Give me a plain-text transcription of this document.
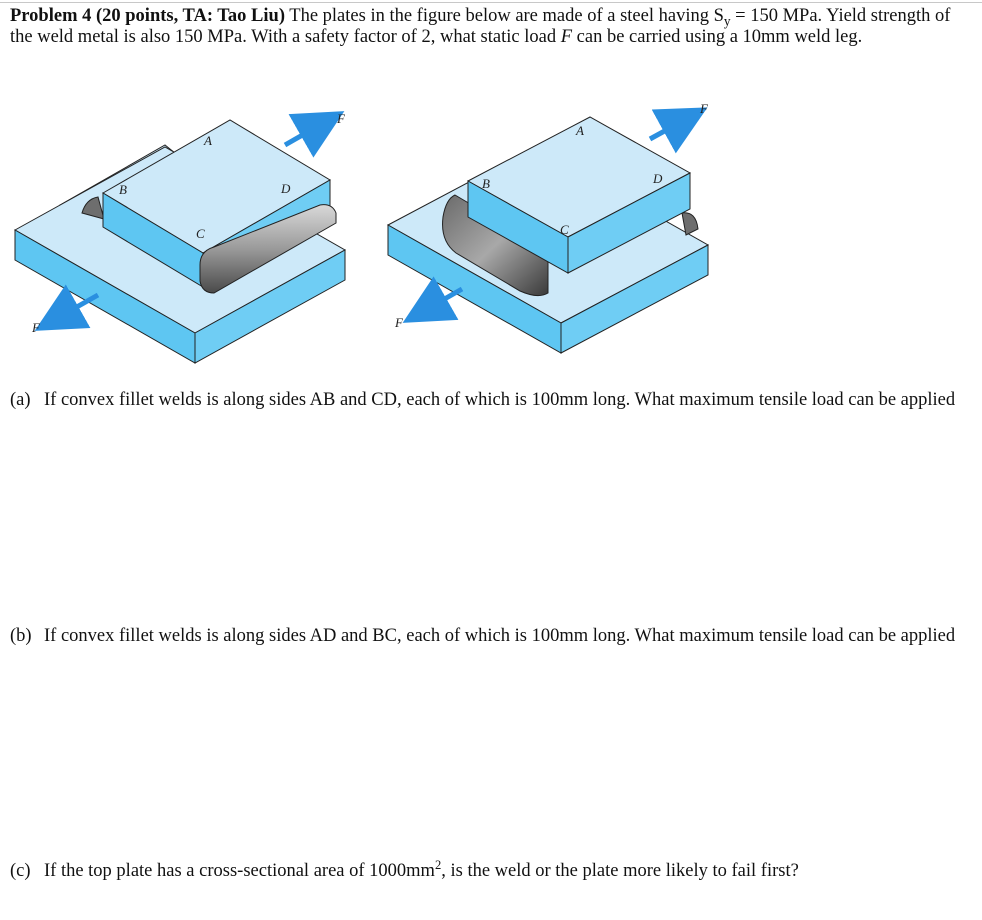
Problem 4 (20 points, TA: Tao Liu) The plates in the figure below are made of a steel having $S_y = 150$ MPa. Yield strength of the weld metal is also 150 MPa. With a safety factor of 2, what static load F can be carried using a 10mm weld leg.
F
F
A
B
C
D
F
F
A
B
C
D
(a) If convex fillet welds is along sides AB and CD, each of which is 100mm long. What maximum tensile load can be applied
(b) If convex fillet welds is along sides AD and BC, each of which is 100mm long. What maximum tensile load can be applied
(c) If the top plate has a cross-sectional area of $1000mm^2$, is the weld or the plate more likely to fail first?
